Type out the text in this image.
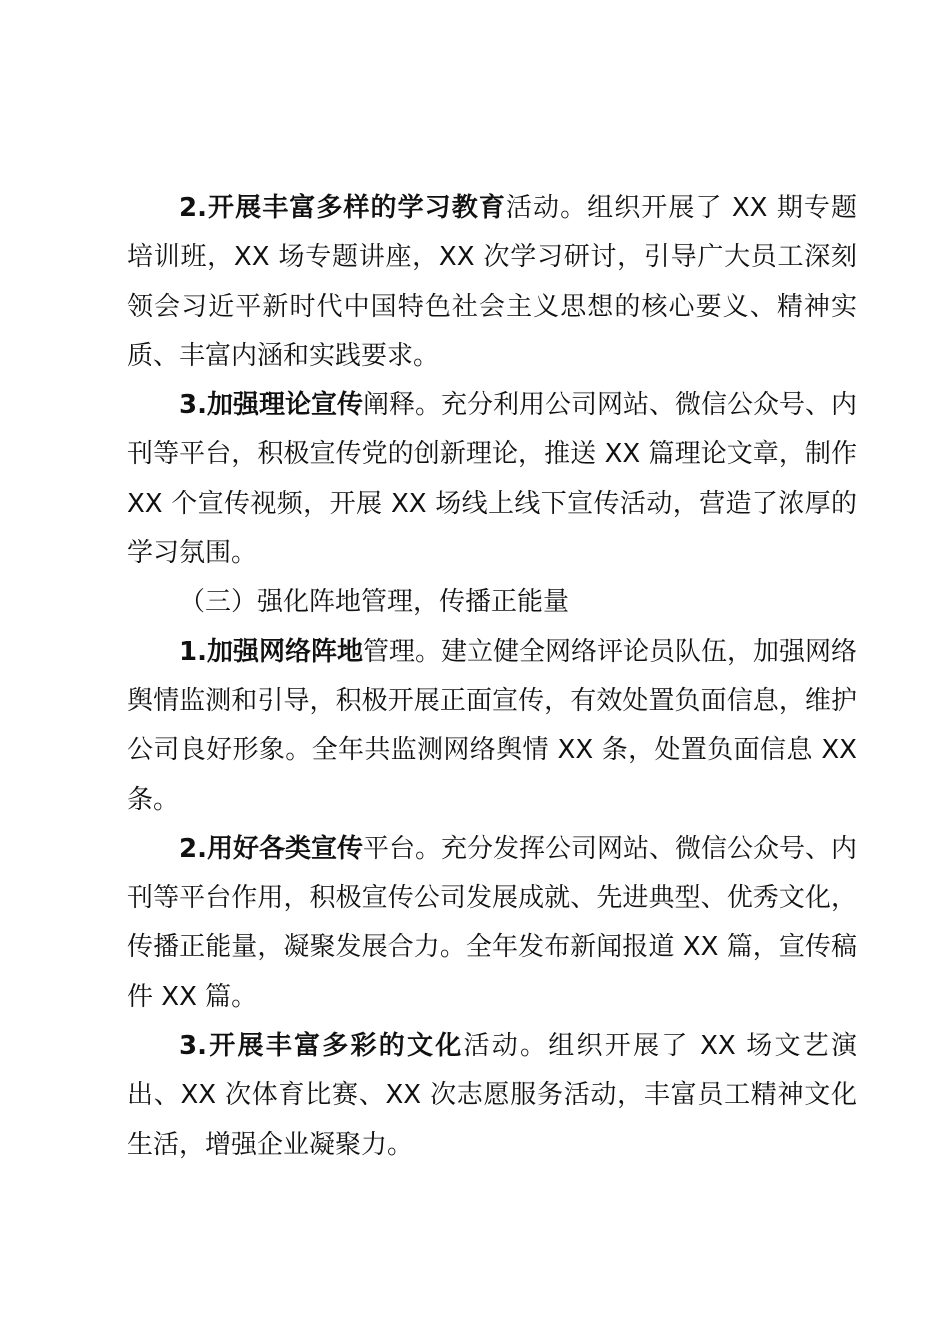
2.开展丰富多样的学习教育活动。组织开展了 XX 期专题培训班，XX 场专题讲座，XX 次学习研讨，引导广大员工深刻领会习近平新时代中国特色社会主义思想的核心要义、精神实质、丰富内涵和实践要求。

3.加强理论宣传阐释。充分利用公司网站、微信公众号、内刊等平台，积极宣传党的创新理论，推送 XX 篇理论文章，制作 XX 个宣传视频，开展 XX 场线上线下宣传活动，营造了浓厚的学习氛围。

（三）强化阵地管理，传播正能量

1.加强网络阵地管理。建立健全网络评论员队伍，加强网络舆情监测和引导，积极开展正面宣传，有效处置负面信息，维护公司良好形象。全年共监测网络舆情 XX 条，处置负面信息 XX 条。

2.用好各类宣传平台。充分发挥公司网站、微信公众号、内刊等平台作用，积极宣传公司发展成就、先进典型、优秀文化，传播正能量，凝聚发展合力。全年发布新闻报道 XX 篇，宣传稿件 XX 篇。

3.开展丰富多彩的文化活动。组织开展了 XX 场文艺演出、XX 次体育比赛、XX 次志愿服务活动，丰富员工精神文化生活，增强企业凝聚力。
